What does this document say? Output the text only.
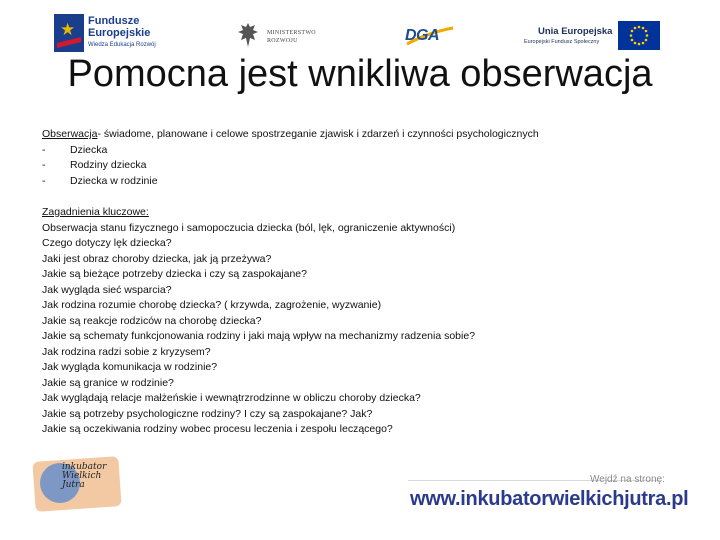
★ Fundusze
Europejskie
Wiedza Edukacja Rozwój
MINISTERSTWO
ROZWOJU	DGA	Unia Europejska
Europejski Fundusz Społeczny
Pomocna jest wnikliwa obserwacja
Obserwacja- świadome, planowane i celowe spostrzeganie zjawisk i zdarzeń i czynności psychologicznych
- Dziecka
- Rodziny dziecka
- Dziecka w rodzinie
Zagadnienia kluczowe:
Obserwacja stanu fizycznego i samopoczucia dziecka (ból, lęk, ograniczenie aktywności)
Czego dotyczy lęk dziecka?
Jaki jest obraz choroby dziecka, jak ją przeżywa?
Jakie są bieżące potrzeby dziecka i czy są zaspokajane?
Jak wygląda sieć wsparcia?
Jak rodzina rozumie chorobę dziecka? ( krzywda, zagrożenie, wyzwanie)
Jakie są reakcje rodziców na chorobę dziecka?
Jakie są schematy funkcjonowania rodziny i jaki mają wpływ na mechanizmy radzenia sobie?
Jak rodzina radzi sobie z kryzysem?
Jak wygląda komunikacja w rodzinie?
Jakie są granice w rodzinie?
Jak wyglądają relacje małżeńskie i wewnątrzrodzinne w obliczu choroby dziecka?
Jakie są potrzeby psychologiczne rodziny? I czy są zaspokajane? Jak?
Jakie są oczekiwania rodziny wobec procesu leczenia i zespołu leczącego?
inkubator
Wielkich
Jutra	Wejdź na stronę:
www.inkubatorwielkichjutra.pl
